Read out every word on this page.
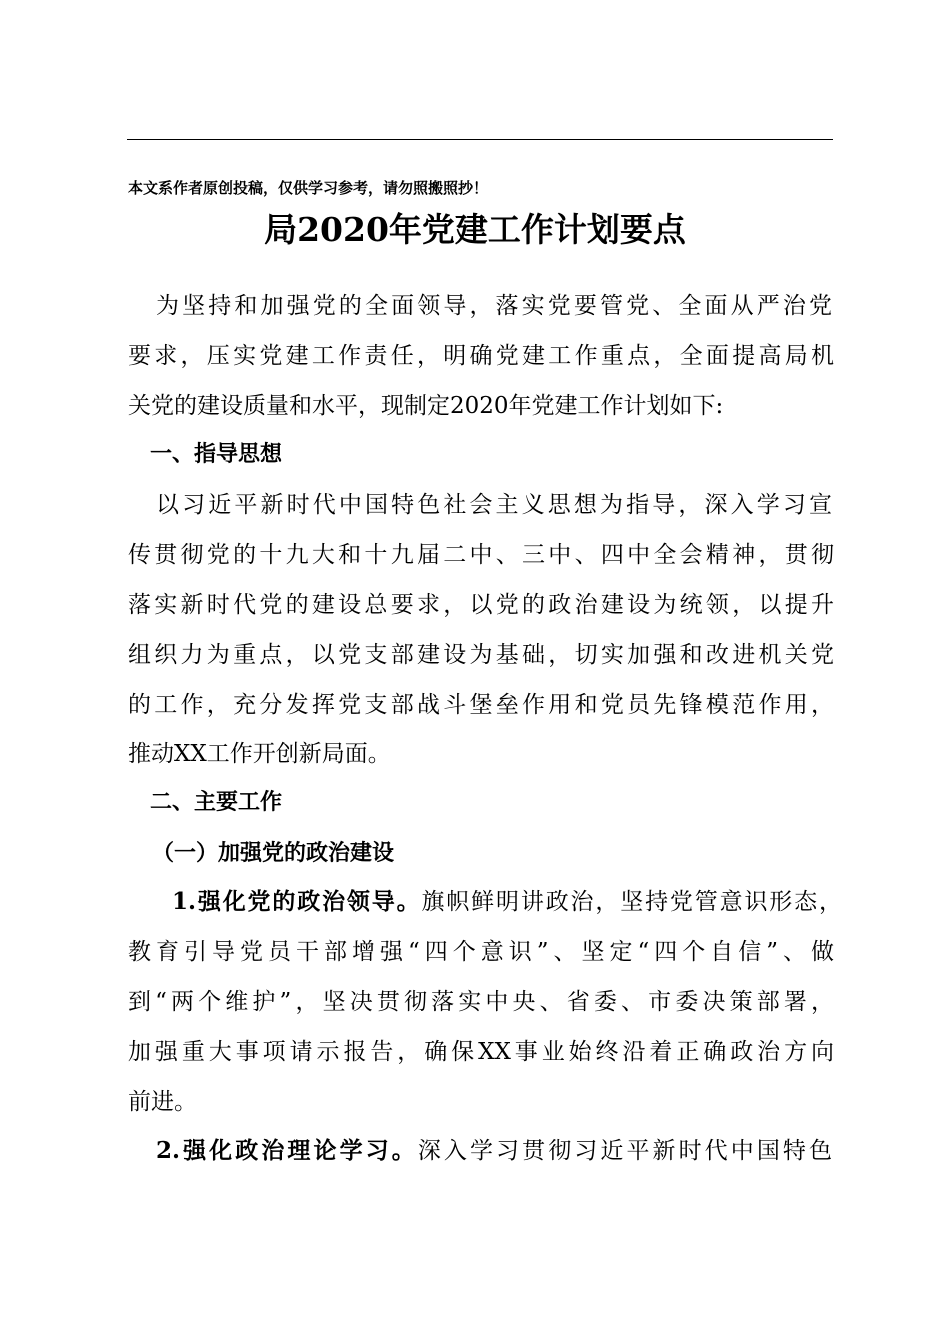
本文系作者原创投稿，仅供学习参考，请勿照搬照抄！
局2020年党建工作计划要点
为坚持和加强党的全面领导，落实党要管党、全面从严治党
要求，压实党建工作责任，明确党建工作重点，全面提高局机
关党的建设质量和水平，现制定2020年党建工作计划如下:
一、指导思想
以习近平新时代中国特色社会主义思想为指导，深入学习宣
传贯彻党的十九大和十九届二中、三中、四中全会精神，贯彻
落实新时代党的建设总要求，以党的政治建设为统领，以提升
组织力为重点，以党支部建设为基础，切实加强和改进机关党
的工作，充分发挥党支部战斗堡垒作用和党员先锋模范作用，
推动XX工作开创新局面。
二、主要工作
（一）加强党的政治建设
1.强化党的政治领导。旗帜鲜明讲政治，坚持党管意识形态，
教育引导党员干部增强“四个意识”、坚定“四个自信”、做
到“两个维护”，坚决贯彻落实中央、省委、市委决策部署，
加强重大事项请示报告，确保XX事业始终沿着正确政治方向
前进。
2.强化政治理论学习。深入学习贯彻习近平新时代中国特色
